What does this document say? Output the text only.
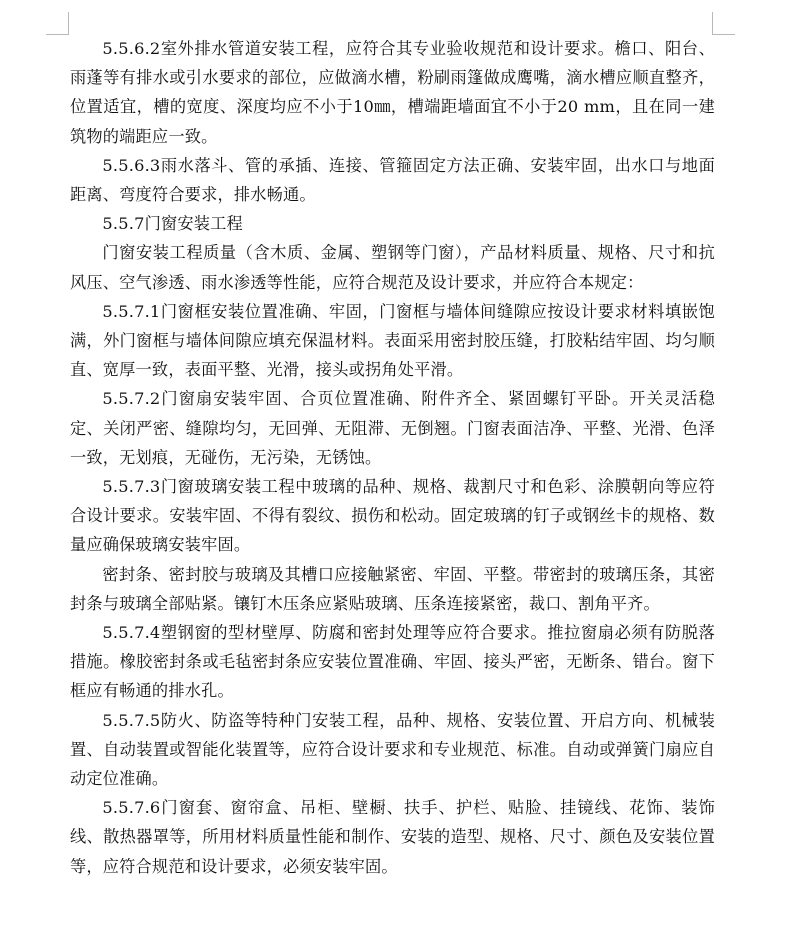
5.5.6.2室外排水管道安装工程，应符合其专业验收规范和设计要求。檐口、阳台、雨蓬等有排水或引水要求的部位，应做滴水槽，粉刷雨篷做成鹰嘴，滴水槽应顺直整齐，位置适宜，槽的宽度、深度均应不小于10㎜，槽端距墙面宜不小于20 mm，且在同一建筑物的端距应一致。

5.5.6.3雨水落斗、管的承插、连接、管箍固定方法正确、安装牢固，出水口与地面距离、弯度符合要求，排水畅通。

5.5.7门窗安装工程

门窗安装工程质量（含木质、金属、塑钢等门窗），产品材料质量、规格、尺寸和抗风压、空气渗透、雨水渗透等性能，应符合规范及设计要求，并应符合本规定：

5.5.7.1门窗框安装位置准确、牢固，门窗框与墙体间缝隙应按设计要求材料填嵌饱满，外门窗框与墙体间隙应填充保温材料。表面采用密封胶压缝，打胶粘结牢固、均匀顺直、宽厚一致，表面平整、光滑，接头或拐角处平滑。

5.5.7.2门窗扇安装牢固、合页位置准确、附件齐全、紧固螺钉平卧。开关灵活稳定、关闭严密、缝隙均匀，无回弹、无阻滞、无倒翘。门窗表面洁净、平整、光滑、色泽一致，无划痕，无碰伤，无污染，无锈蚀。

5.5.7.3门窗玻璃安装工程中玻璃的品种、规格、裁割尺寸和色彩、涂膜朝向等应符合设计要求。安装牢固、不得有裂纹、损伤和松动。固定玻璃的钉子或钢丝卡的规格、数量应确保玻璃安装牢固。

密封条、密封胶与玻璃及其槽口应接触紧密、牢固、平整。带密封的玻璃压条，其密封条与玻璃全部贴紧。镶钉木压条应紧贴玻璃、压条连接紧密，裁口、割角平齐。

5.5.7.4塑钢窗的型材壁厚、防腐和密封处理等应符合要求。推拉窗扇必须有防脱落措施。橡胶密封条或毛毡密封条应安装位置准确、牢固、接头严密，无断条、错台。窗下框应有畅通的排水孔。

5.5.7.5防火、防盗等特种门安装工程，品种、规格、安装位置、开启方向、机械装置、自动装置或智能化装置等，应符合设计要求和专业规范、标准。自动或弹簧门扇应自动定位准确。

5.5.7.6门窗套、窗帘盒、吊柜、壁橱、扶手、护栏、贴脸、挂镜线、花饰、装饰线、散热器罩等，所用材料质量性能和制作、安装的造型、规格、尺寸、颜色及安装位置等，应符合规范和设计要求，必须安装牢固。
